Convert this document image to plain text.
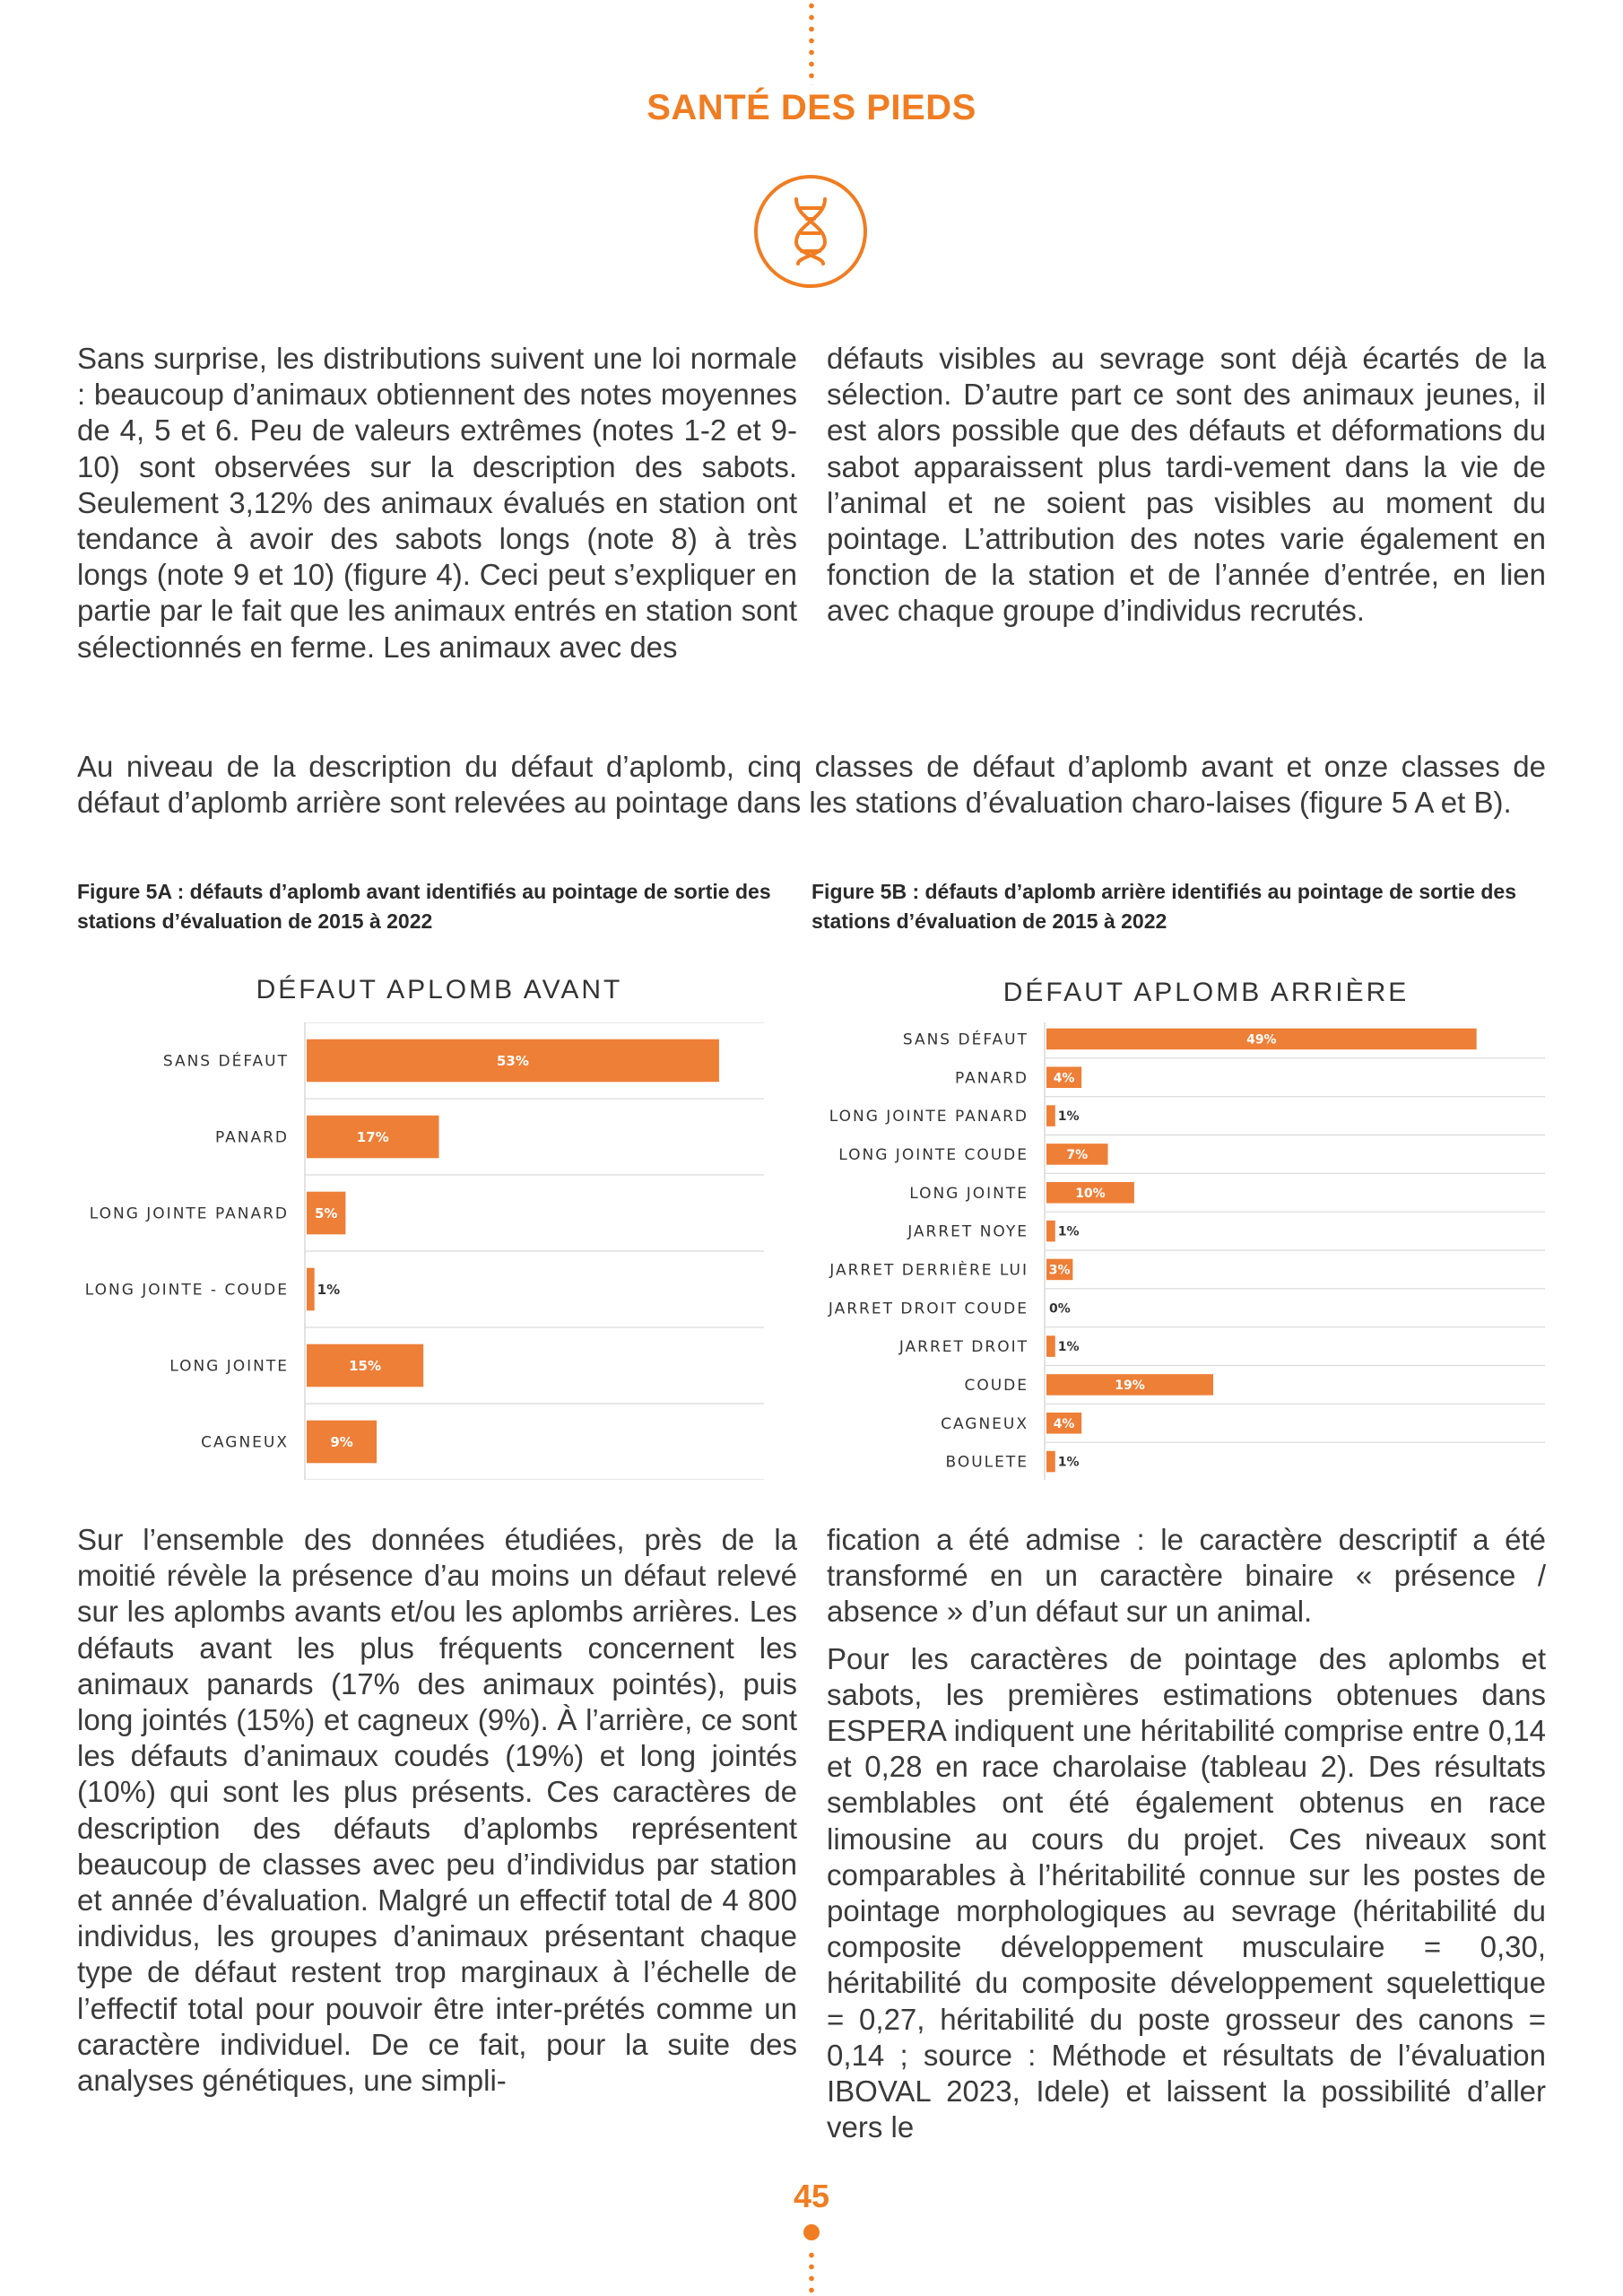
SANTÉ DES PIEDS

Sans surprise, les distributions suivent une loi normale : beaucoup d’animaux obtiennent des notes moyennes de 4, 5 et 6. Peu de valeurs extrêmes (notes 1-2 et 9-10) sont observées sur la description des sabots. Seulement 3,12% des animaux évalués en station ont tendance à avoir des sabots longs (note 8) à très longs (note 9 et 10) (figure 4). Ceci peut s’expliquer en partie par le fait que les animaux entrés en station sont sélectionnés en ferme. Les animaux avec des

défauts visibles au sevrage sont déjà écartés de la sélection. D’autre part ce sont des animaux jeunes, il est alors possible que des défauts et déformations du sabot apparaissent plus tardi-vement dans la vie de l’animal et ne soient pas visibles au moment du pointage. L’attribution des notes varie également en fonction de la station et de l’année d’entrée, en lien avec chaque groupe d’individus recrutés.

Au niveau de la description du défaut d’aplomb, cinq classes de défaut d’aplomb avant et onze classes de défaut d’aplomb arrière sont relevées au pointage dans les stations d’évaluation charo-laises (figure 5 A et B).

Figure 5A : défauts d’aplomb avant identifiés au pointage de sortie des stations d’évaluation de 2015 à 2022
Figure 5B : défauts d’aplomb arrière identifiés au pointage de sortie des stations d’évaluation de 2015 à 2022
DÉFAUT APLOMB AVANT	DÉFAUT APLOMB ARRIÈRE
SANS DÉFAUT	53%
PANARD	17%
LONG JOINTE PANARD 5%
LONG JOINTE - COUDE 1%
LONG JOINTE	15%
CAGNEUX	9%
SANS DÉFAUT	49%
PANARD 4%
LONG JOINTE PANARD 1%
LONG JOINTE COUDE	7%
LONG JOINTE	10%
JARRET NOYE 1%
JARRET DERRIÈRE LUI 3%
JARRET DROIT COUDE 0%
JARRET DROIT 1%
COUDE	19%
CAGNEUX 4%
BOULETE 1%

Sur l’ensemble des données étudiées, près de la moitié révèle la présence d’au moins un défaut relevé sur les aplombs avants et/ou les aplombs arrières. Les défauts avant les plus fréquents concernent les animaux panards (17% des animaux pointés), puis long jointés (15%) et cagneux (9%). À l’arrière, ce sont les défauts d’animaux coudés (19%) et long jointés (10%) qui sont les plus présents. Ces caractères de description des défauts d’aplombs représentent beaucoup de classes avec peu d’individus par station et année d’évaluation. Malgré un effectif total de 4 800 individus, les groupes d’animaux présentant chaque type de défaut restent trop marginaux à l’échelle de l’effectif total pour pouvoir être inter-prétés comme un caractère individuel. De ce fait, pour la suite des analyses génétiques, une simpli-

fication a été admise : le caractère descriptif a été transformé en un caractère binaire « présence / absence » d’un défaut sur un animal.

Pour les caractères de pointage des aplombs et sabots, les premières estimations obtenues dans ESPERA indiquent une héritabilité comprise entre 0,14 et 0,28 en race charolaise (tableau 2). Des résultats semblables ont été également obtenus en race limousine au cours du projet. Ces niveaux sont comparables à l’héritabilité connue sur les postes de pointage morphologiques au sevrage (héritabilité du composite développement musculaire = 0,30, héritabilité du composite développement squelettique = 0,27, héritabilité du poste grosseur des canons = 0,14 ; source : Méthode et résultats de l’évaluation IBOVAL 2023, Idele) et laissent la possibilité d’aller vers le

45
